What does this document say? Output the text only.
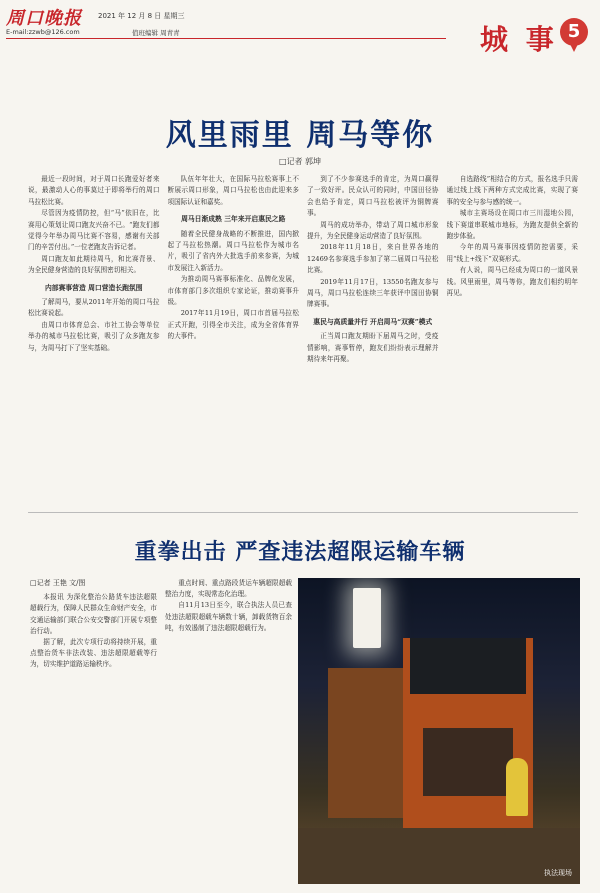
周口晚报 2021 年 12 月 8 日 星期三
E-mail:zzwb@126.com	值班编辑 周青青	城 事 5
风里雨里 周马等你
□记者 郭坤

最近一段时间，对于周口长跑爱好者来说，最激动人心的事莫过于即将举行的周口马拉松比赛。

尽管因为疫情防控，但“马”依旧在，比赛用心策划让周口跑友兴奋不已。“跑友们都觉得今年举办周马比赛不容易，感谢有关部门的辛苦付出。”一位老跑友告诉记者。

周口跑友如此期待周马，和比赛背景、为全民健身营造的良好氛围密切相关。

内部赛事营造 周口营造长跑氛围

了解周马，要从2011年开始的周口马拉松比赛说起。

由周口市体育总会、市社工协会等单位举办的城市马拉松比赛，吸引了众多跑友参与，为周马打下了坚实基础。

队伍年年壮大，在国际马拉松赛事上不断展示周口形象，周口马拉松也由此迎来多项国际认证和嘉奖。

周马日渐成熟 三年来开启惠民之路

随着全民健身战略的不断推进，国内掀起了马拉松热潮。周口马拉松作为城市名片，吸引了省内外大批选手前来参赛，为城市发展注入新活力。

为推动周马赛事标准化、品牌化发展，市体育部门多次组织专家论证，推动赛事升级。

2017年11月19日，周口市首届马拉松正式开跑，引得全市关注，成为全省体育界的大事件。

到了不少参赛选手的肯定，为周口赢得了一致好评。民众认可的同时，中国田径协会也给予肯定，周口马拉松被评为铜牌赛事。

周马的成功举办，带动了周口城市形象提升，为全民健身运动营造了良好氛围。

2018年11月18日，来自世界各地的12469名参赛选手参加了第二届周口马拉松比赛。

2019年11月17日，13550名跑友参与周马，周口马拉松连续三年获评中国田协铜牌赛事。

惠民与高质量并行 开启周马“双赛”模式

正当周口跑友期盼下届周马之时，受疫情影响，赛事暂停，跑友们纷纷表示理解并期待来年再聚。

自选路线”相结合的方式，报名选手只需通过线上线下两种方式完成比赛，实现了赛事的安全与参与感的统一。

城市主赛场设在周口市三川湿地公园，线下赛道串联城市地标，为跑友提供全新的跑步体验。

今年的周马赛事因疫情防控需要，采用“线上+线下”双赛形式。

有人说，周马已经成为周口的一道风景线。风里雨里，周马等你，跑友们相约明年再见。

重拳出击 严查违法超限运输车辆

□记者 王艳 文/图

本报讯 为深化整治公路货车违法超限超载行为，保障人民群众生命财产安全，市交通运输部门联合公安交警部门开展专项整治行动。

据了解，此次专项行动将持续开展，重点整治货车非法改装、违法超限超载等行为，切实维护道路运输秩序。

重点时间、重点路段货运车辆超限超载整治力度，实现常态化治理。

自11月13日至今，联合执法人员已查处违法超限超载车辆数十辆，卸载货物百余吨，有效遏制了违法超限超载行为。

执法现场
